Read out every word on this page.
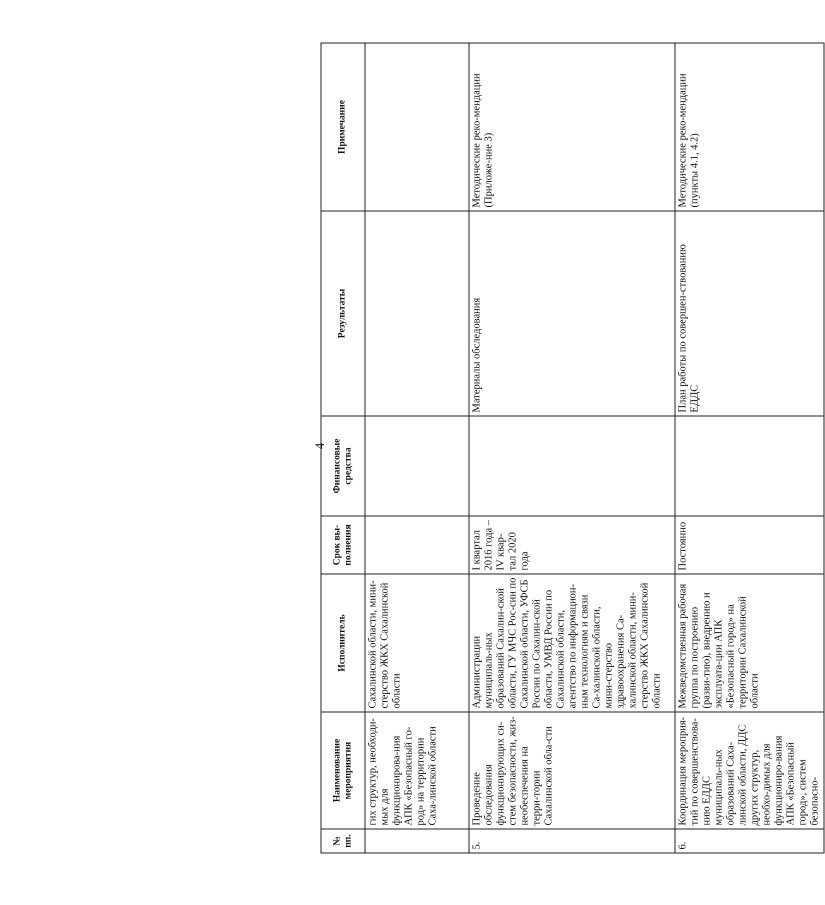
4
№ пп.	Наименование мероприятия	Исполнитель	Срок вы-полнения	Финансовые средства	Результаты	Примечание
	гих структур, необходи-мых для функционирова-ния АПК «Безопасный го-род» на территории Саха-линской области	Сахалинской области, мини-стерство ЖКХ Сахалинской области				
5.	Проведение обследования функционирующих си-стем безопасности, жиз-необеспечения на терри-тории Сахалинской обла-сти	Администрации муниципаль-ных образований Сахалин-ской области, ГУ МЧС Рос-сии по Сахалинской области, УФСБ России по Сахалин-ской области, УМВД России по Сахалинской области, агентство по информацион-ным технологиям и связи Са-халинской области, мини-стерство здравоохранения Са-халинской области, мини-стерство ЖКХ Сахалинской области	I квартал 2016 года – IV квар-тал 2020 года		Материалы обследования	Методические реко-мендации (Приложе-ние 3)
6.	Координация мероприя-тий по совершенствова-нию ЕДДС муниципаль-ных образований Саха-линской области, ДДС других структур, необхо-димых для функциониро-вания АПК «Безопасный город», систем безопасно-	Межведомственная рабочая группа по построению (разви-тию), внедрению и эксплуата-ции АПК «Безопасный город» на территории Сахалинской области	Постоянно		План работы по совершен-ствованию ЕДДС	Методические реко-мендации (пункты 4.1, 4.2)
